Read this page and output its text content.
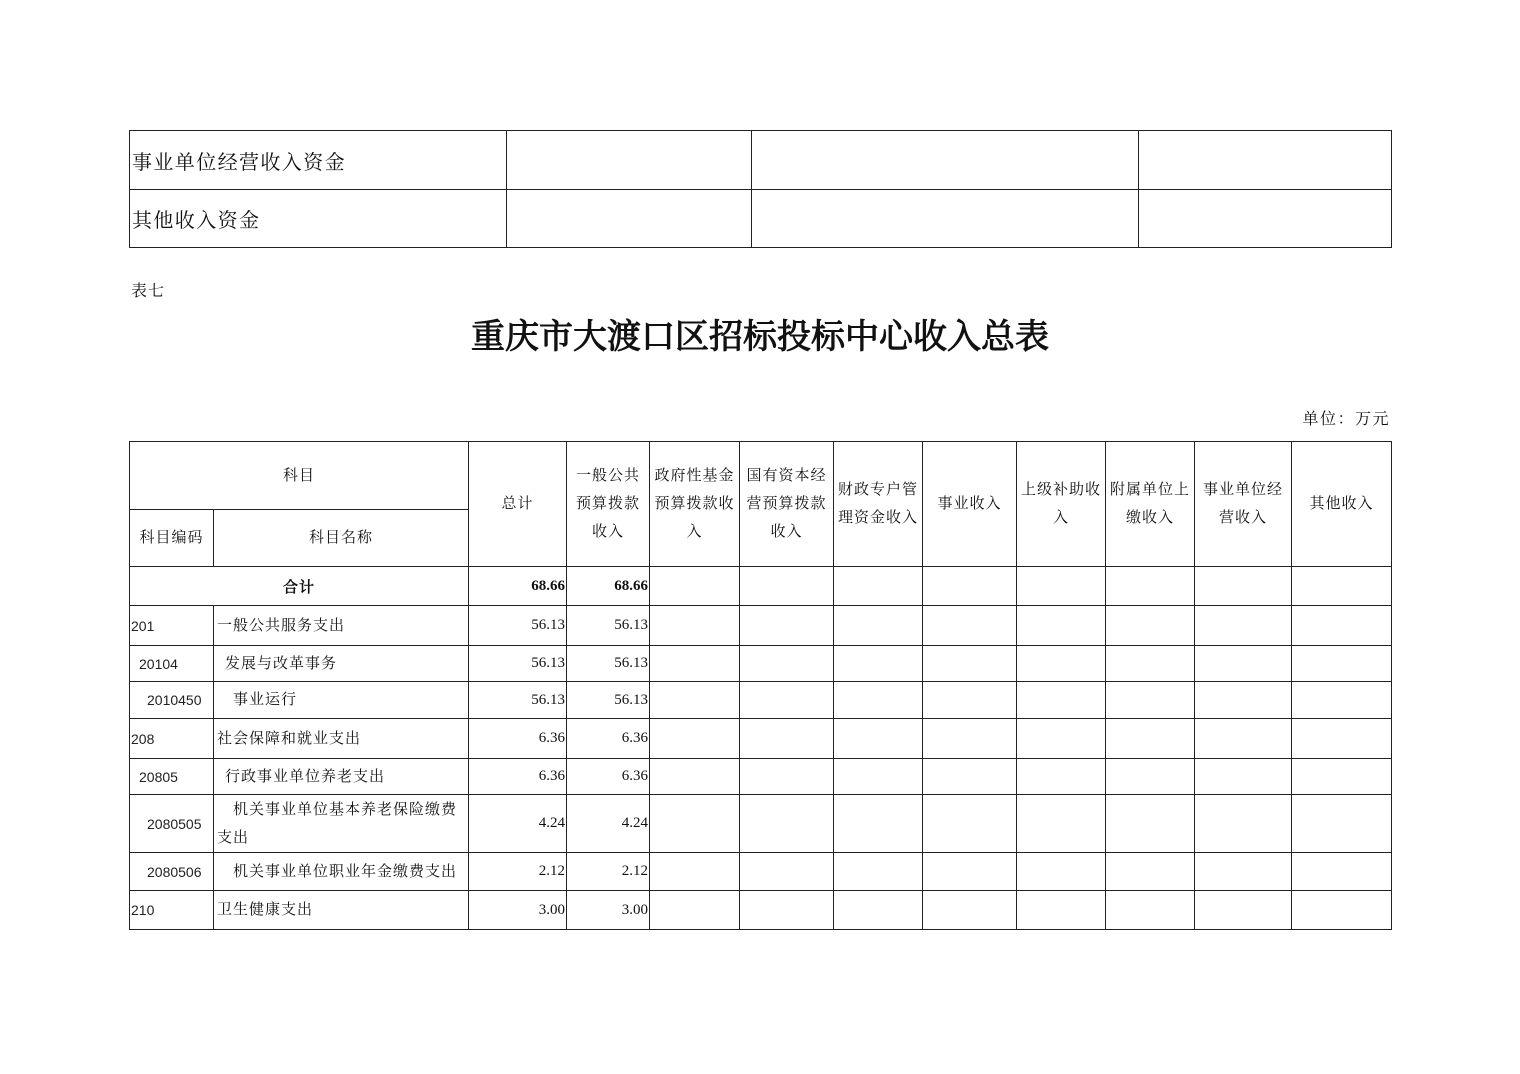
事业单位经营收入资金			
其他收入资金			
表七
重庆市大渡口区招标投标中心收入总表
单位：万元
科目		总计	一般公共预算拨款收入	政府性基金预算拨款收入	国有资本经营预算拨款收入	财政专户管理资金收入	事业收入	上级补助收入	附属单位上缴收入	事业单位经营收入	其他收入
科目编码	科目名称										
合计		68.66	68.66								
201	一般公共服务支出	56.13	56.13								
20104	发展与改革事务	56.13	56.13								
2010450	事业运行	56.13	56.13								
208	社会保障和就业支出	6.36	6.36								
20805	行政事业单位养老支出	6.36	6.36								
2080505	机关事业单位基本养老保险缴费支出	4.24	4.24								
2080506	机关事业单位职业年金缴费支出	2.12	2.12								
210	卫生健康支出	3.00	3.00								
